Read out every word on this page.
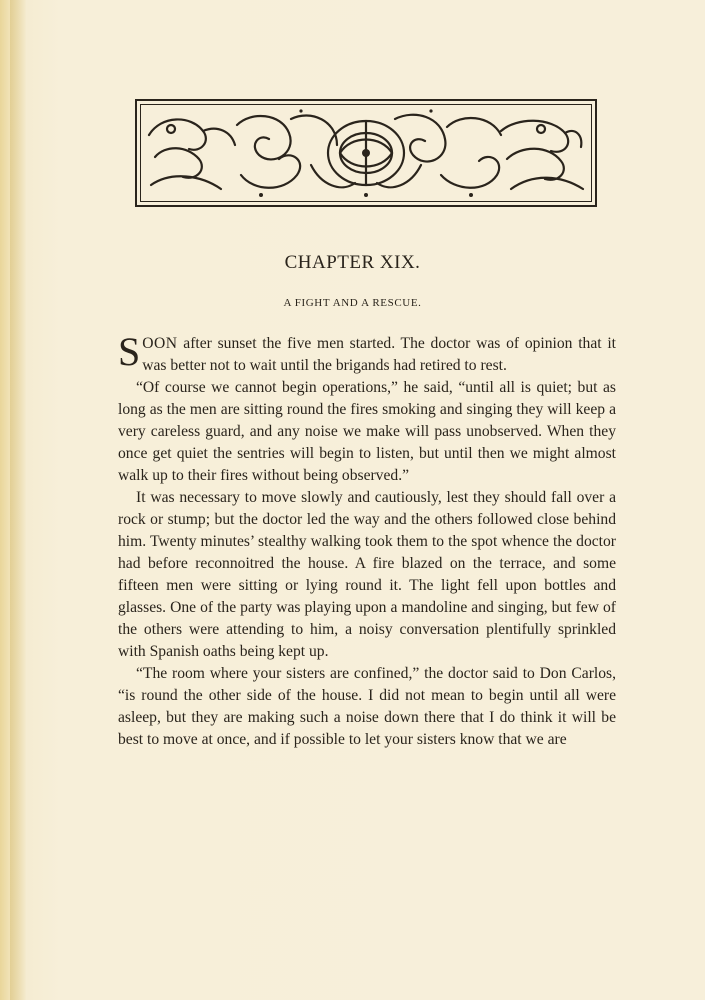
CHAPTER XIX.
A FIGHT AND A RESCUE.

SOON after sunset the five men started. The doctor was of opinion that it was better not to wait until the brigands had retired to rest.

“Of course we cannot begin operations,” he said, “until all is quiet; but as long as the men are sitting round the fires smoking and singing they will keep a very careless guard, and any noise we make will pass unobserved. When they once get quiet the sentries will begin to listen, but until then we might almost walk up to their fires without being observed.”

It was necessary to move slowly and cautiously, lest they should fall over a rock or stump; but the doctor led the way and the others followed close behind him. Twenty minutes’ stealthy walking took them to the spot whence the doctor had before reconnoitred the house. A fire blazed on the terrace, and some fifteen men were sitting or lying round it. The light fell upon bottles and glasses. One of the party was playing upon a mandoline and singing, but few of the others were attending to him, a noisy conversation plentifully sprinkled with Spanish oaths being kept up.

“The room where your sisters are confined,” the doctor said to Don Carlos, “is round the other side of the house. I did not mean to begin until all were asleep, but they are making such a noise down there that I do think it will be best to move at once, and if possible to let your sisters know that we are
